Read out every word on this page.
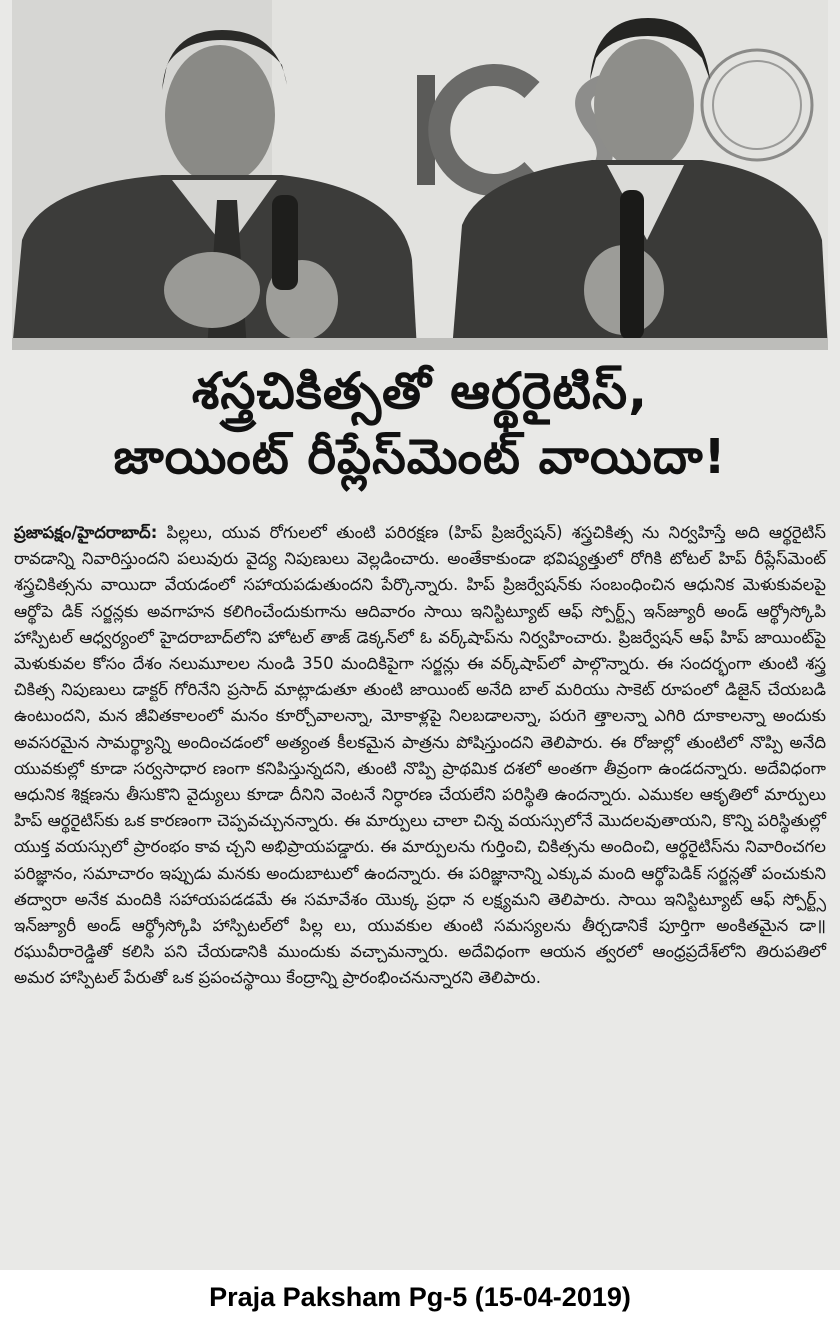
శస్త్రచికిత్సతో ఆర్థరైటిస్,
జాయింట్ రీప్లేస్‌మెంట్ వాయిదా!
ప్రజాపక్షం/హైదరాబాద్: పిల్లలు, యువ రోగులలో తుంటి పరిరక్షణ (హిప్ ప్రిజర్వేషన్) శస్త్రచికిత్స ను నిర్వహిస్తే అది ఆర్థరైటిస్ రావడాన్ని నివారిస్తుందని పలువురు వైద్య నిపుణులు వెల్లడించారు. అంతేకాకుండా భవిష్యత్తులో రోగికి టోటల్ హిప్ రీప్లేస్‌మెంట్ శస్త్రచికిత్సను వాయిదా వేయడంలో సహాయపడుతుందని పేర్కొన్నారు. హిప్ ప్రిజర్వేషన్‌కు సంబంధించిన ఆధునిక మెళుకువలపై ఆర్థోపె డిక్ సర్జన్లకు అవగాహన కలిగించేందుకుగాను ఆదివారం సాయి ఇనిస్టిట్యూట్ ఆఫ్ స్పోర్ట్స్ ఇన్‌జ్యూరీ అండ్ ఆర్థ్రోస్కోపి హాస్పిటల్ ఆధ్వర్యంలో హైదరాబాద్‌లోని హోటల్ తాజ్ డెక్కన్‌లో ఓ వర్క్‌షాప్‌ను నిర్వహించారు. ప్రిజర్వేషన్ ఆఫ్ హిప్ జాయింట్‌పై మెళుకువల కోసం దేశం నలుమూలల నుండి 350 మందికిపైగా సర్జన్లు ఈ వర్క్‌షాప్‌లో పాల్గొన్నారు. ఈ సందర్భంగా తుంటి శస్త్ర చికిత్స నిపుణులు డాక్టర్ గోరినేని ప్రసాద్ మాట్లాడుతూ తుంటి జాయింట్ అనేది బాల్ మరియు సాకెట్ రూపంలో డిజైన్ చేయబడి ఉంటుందని, మన జీవితకాలంలో మనం కూర్చోవాలన్నా, మోకాళ్లపై నిలబడాలన్నా, పరుగె త్తాలన్నా ఎగిరి దూకాలన్నా అందుకు అవసరమైన సామర్థ్యాన్ని అందించడంలో అత్యంత కీలకమైన పాత్రను పోషిస్తుందని తెలిపారు. ఈ రోజుల్లో తుంటిలో నొప్పి అనేది యువకుల్లో కూడా సర్వసాధార ణంగా కనిపిస్తున్నదని, తుంటి నొప్పి ప్రాథమిక దశలో అంతగా తీవ్రంగా ఉండదన్నారు. అదేవిధంగా ఆధునిక శిక్షణను తీసుకొని వైద్యులు కూడా దీనిని వెంటనే నిర్ధారణ చేయలేని పరిస్థితి ఉందన్నారు. ఎముకల ఆకృతిలో మార్పులు హిప్ ఆర్థరైటిస్‌కు ఒక కారణంగా చెప్పవచ్చునన్నారు. ఈ మార్పులు చాలా చిన్న వయస్సులోనే మొదలవుతాయని, కొన్ని పరిస్థితుల్లో యుక్త వయస్సులో ప్రారంభం కావ చ్చని అభిప్రాయపడ్డారు. ఈ మార్పులను గుర్తించి, చికిత్సను అందించి, ఆర్థరైటిస్‌ను నివారించగల పరిజ్ఞానం, సమాచారం ఇప్పుడు మనకు అందుబాటులో ఉందన్నారు. ఈ పరిజ్ఞానాన్ని ఎక్కువ మంది ఆర్థోపెడిక్ సర్జన్లతో పంచుకుని తద్వారా అనేక మందికి సహాయపడడమే ఈ సమావేశం యొక్క ప్రధా న లక్ష్యమని తెలిపారు. సాయి ఇనిస్టిట్యూట్ ఆఫ్ స్పోర్ట్స్ ఇన్‌జ్యూరీ అండ్ ఆర్థ్రోస్కోపి హాస్పిటల్‌లో పిల్ల లు, యువకుల తుంటి సమస్యలను తీర్చడానికే పూర్తిగా అంకితమైన డా॥ రఘువీరారెడ్డితో కలిసి పని చేయడానికి ముందుకు వచ్చామన్నారు. అదేవిధంగా ఆయన త్వరలో ఆంధ్రప్రదేశ్‌లోని తిరుపతిలో అమర హాస్పిటల్ పేరుతో ఒక ప్రపంచస్థాయి కేంద్రాన్ని ప్రారంభించనున్నారని తెలిపారు.
Praja Paksham Pg-5 (15-04-2019)
